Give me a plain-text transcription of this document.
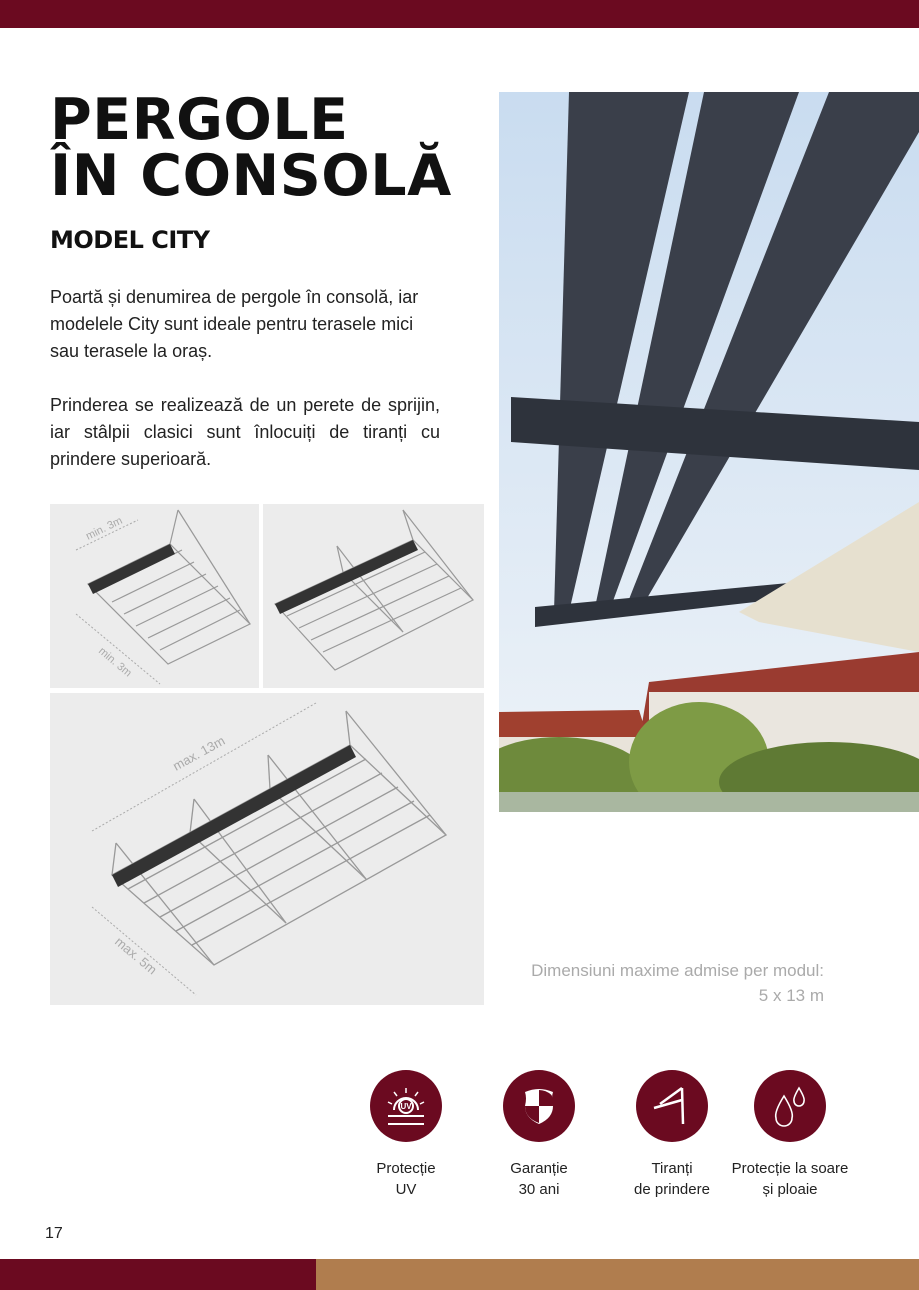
PERGOLE
ÎN CONSOLĂ
MODEL CITY

Poartă și denumirea de pergole în consolă, iar modelele City sunt ideale pentru terasele mici sau terasele la oraș.

Prinderea se realizează de un perete de sprijin, iar stâlpii clasici sunt înlocuiți de tiranți cu prindere superioară.

min. 3m
min. 3m
max. 13m
max. 5m	Dimensiuni maxime admise per modul:
5 x 13 m
UV
Protecție
UV
Garanție
30 ani
Tiranți
de prindere
Protecție la soare
și ploaie
17
